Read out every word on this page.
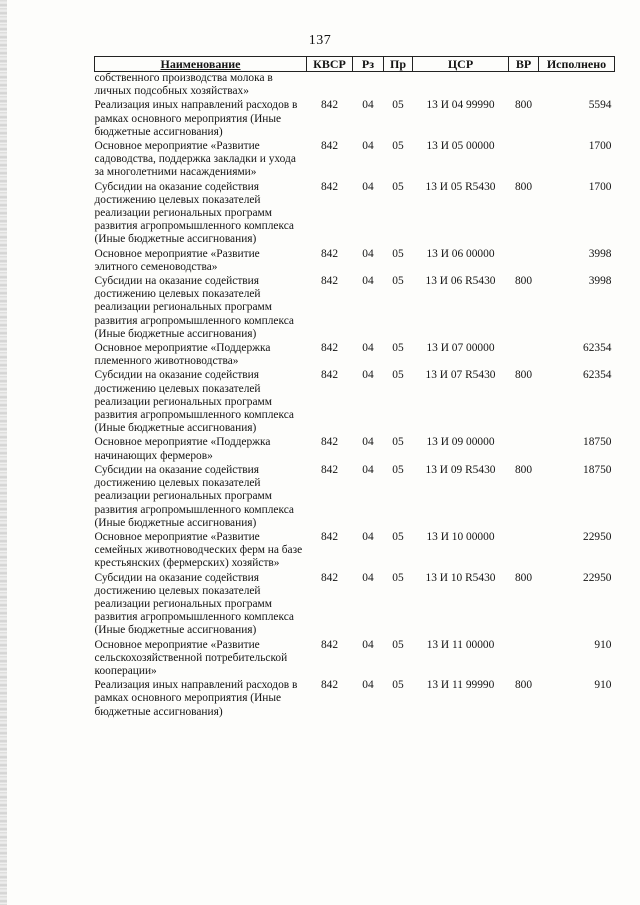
137
Наименование	КВСР	Рз	Пр	ЦСР	ВР	Исполнено
собственного производства молока в личных подсобных хозяйствах»						
Реализация иных направлений расходов в рамках основного мероприятия (Иные бюджетные ассигнования)	842	04	05	13 И 04 99990	800	5594
Основное мероприятие «Развитие садоводства, поддержка закладки и ухода за многолетними насаждениями»	842	04	05	13 И 05 00000		1700
Субсидии на оказание содействия достижению целевых показателей реализации региональных программ развития агропромышленного комплекса (Иные бюджетные ассигнования)	842	04	05	13 И 05 R5430	800	1700
Основное мероприятие «Развитие элитного семеноводства»	842	04	05	13 И 06 00000		3998
Субсидии на оказание содействия достижению целевых показателей реализации региональных программ развития агропромышленного комплекса (Иные бюджетные ассигнования)	842	04	05	13 И 06 R5430	800	3998
Основное мероприятие «Поддержка племенного животноводства»	842	04	05	13 И 07 00000		62354
Субсидии на оказание содействия достижению целевых показателей реализации региональных программ развития агропромышленного комплекса (Иные бюджетные ассигнования)	842	04	05	13 И 07 R5430	800	62354
Основное мероприятие «Поддержка начинающих фермеров»	842	04	05	13 И 09 00000		18750
Субсидии на оказание содействия достижению целевых показателей реализации региональных программ развития агропромышленного комплекса (Иные бюджетные ассигнования)	842	04	05	13 И 09 R5430	800	18750
Основное мероприятие «Развитие семейных животноводческих ферм на базе крестьянских (фермерских) хозяйств»	842	04	05	13 И 10 00000		22950
Субсидии на оказание содействия достижению целевых показателей реализации региональных программ развития агропромышленного комплекса (Иные бюджетные ассигнования)	842	04	05	13 И 10 R5430	800	22950
Основное мероприятие «Развитие сельскохозяйственной потребительской кооперации»	842	04	05	13 И 11 00000		910
Реализация иных направлений расходов в рамках основного мероприятия (Иные бюджетные ассигнования)	842	04	05	13 И 11 99990	800	910
